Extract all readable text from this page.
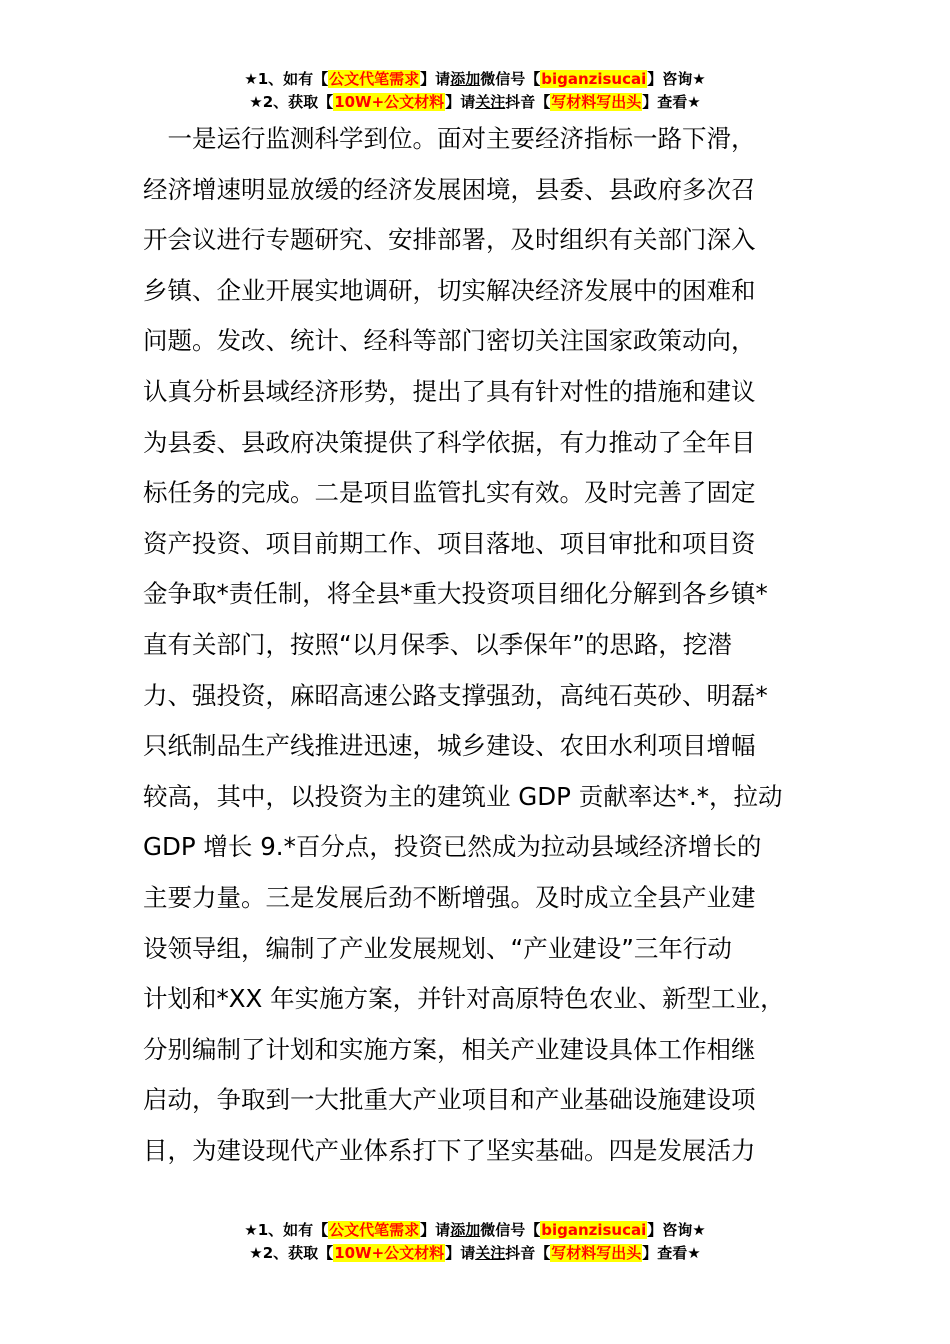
★1、如有【公文代笔需求】请添加微信号【biganzisucai】咨询★
★2、获取【10W+公文材料】请关注抖音【写材料写出头】查看★
　一是运行监测科学到位。面对主要经济指标一路下滑，
经济增速明显放缓的经济发展困境，县委、县政府多次召
开会议进行专题研究、安排部署，及时组织有关部门深入
乡镇、企业开展实地调研，切实解决经济发展中的困难和
问题。发改、统计、经科等部门密切关注国家政策动向，
认真分析县域经济形势，提出了具有针对性的措施和建议
为县委、县政府决策提供了科学依据，有力推动了全年目
标任务的完成。二是项目监管扎实有效。及时完善了固定
资产投资、项目前期工作、项目落地、项目审批和项目资
金争取*责任制，将全县*重大投资项目细化分解到各乡镇*
直有关部门，按照“以月保季、以季保年”的思路，挖潜
力、强投资，麻昭高速公路支撑强劲，高纯石英砂、明磊*
只纸制品生产线推进迅速，城乡建设、农田水利项目增幅
较高，其中，以投资为主的建筑业 GDP 贡献率达*.*，拉动
GDP 增长 9.*百分点，投资已然成为拉动县域经济增长的
主要力量。三是发展后劲不断增强。及时成立全县产业建
设领导组，编制了产业发展规划、“产业建设”三年行动
计划和*XX 年实施方案，并针对高原特色农业、新型工业，
分别编制了计划和实施方案，相关产业建设具体工作相继
启动，争取到一大批重大产业项目和产业基础设施建设项
目，为建设现代产业体系打下了坚实基础。四是发展活力
★1、如有【公文代笔需求】请添加微信号【biganzisucai】咨询★
★2、获取【10W+公文材料】请关注抖音【写材料写出头】查看★
